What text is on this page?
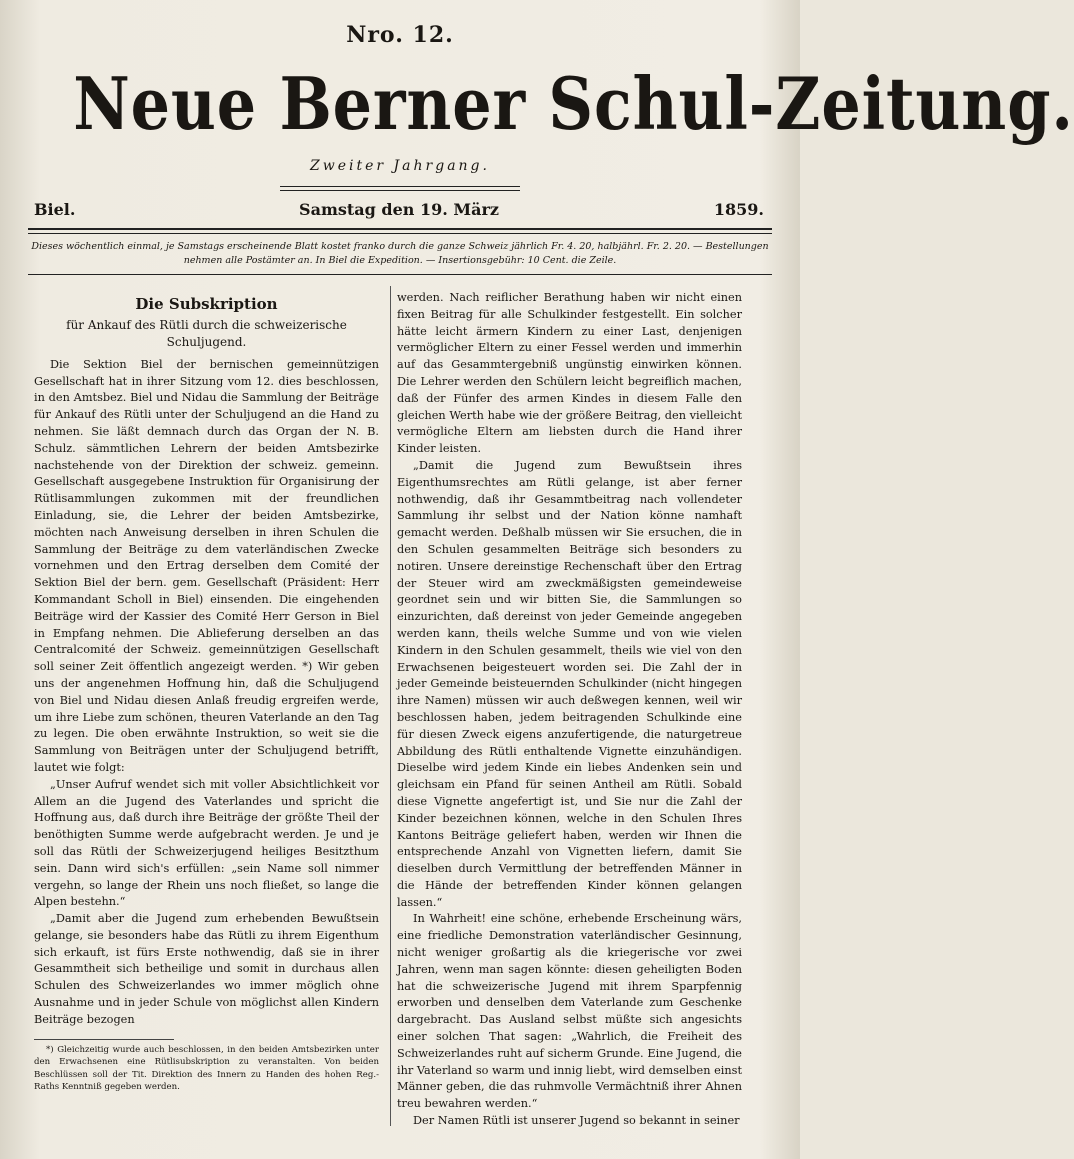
Nro. 12.
Neue Berner Schul-Zeitung.
Zweiter Jahrgang.
Biel.	Samstag den 19. März	1859.
Dieses wöchentlich einmal, je Samstags erscheinende Blatt kostet franko durch die ganze Schweiz jährlich Fr. 4. 20, halbjährl. Fr. 2. 20. — Bestellungen nehmen alle Postämter an. In Biel die Expedition. — Insertionsgebühr: 10 Cent. die Zeile.
Die Subskription
für Ankauf des Rütli durch die schweizerische Schuljugend.

Die Sektion Biel der bernischen gemeinnützigen Gesellschaft hat in ihrer Sitzung vom 12. dies beschlossen, in den Amtsbez. Biel und Nidau die Sammlung der Beiträge für Ankauf des Rütli unter der Schuljugend an die Hand zu nehmen. Sie läßt demnach durch das Organ der N. B. Schulz. sämmtlichen Lehrern der beiden Amtsbezirke nachstehende von der Direktion der schweiz. gemeinn. Gesellschaft ausgegebene Instruktion für Organisirung der Rütlisammlungen zukommen mit der freundlichen Einladung, sie, die Lehrer der beiden Amtsbezirke, möchten nach Anweisung derselben in ihren Schulen die Sammlung der Beiträge zu dem vaterländischen Zwecke vornehmen und den Ertrag derselben dem Comité der Sektion Biel der bern. gem. Gesellschaft (Präsident: Herr Kommandant Scholl in Biel) einsenden. Die eingehenden Beiträge wird der Kassier des Comité Herr Gerson in Biel in Empfang nehmen. Die Ablieferung derselben an das Centralcomité der Schweiz. gemeinnützigen Gesellschaft soll seiner Zeit öffentlich angezeigt werden. *) Wir geben uns der angenehmen Hoffnung hin, daß die Schuljugend von Biel und Nidau diesen Anlaß freudig ergreifen werde, um ihre Liebe zum schönen, theuren Vaterlande an den Tag zu legen. Die oben erwähnte Instruktion, so weit sie die Sammlung von Beiträgen unter der Schuljugend betrifft, lautet wie folgt:

„Unser Aufruf wendet sich mit voller Absichtlichkeit vor Allem an die Jugend des Vaterlandes und spricht die Hoffnung aus, daß durch ihre Beiträge der größte Theil der benöthigten Summe werde aufgebracht werden. Je und je soll das Rütli der Schweizerjugend heiliges Besitzthum sein. Dann wird sich's erfüllen: „sein Name soll nimmer vergehn, so lange der Rhein uns noch fließet, so lange die Alpen bestehn.“

„Damit aber die Jugend zum erhebenden Bewußtsein gelange, sie besonders habe das Rütli zu ihrem Eigenthum sich erkauft, ist fürs Erste nothwendig, daß sie in ihrer Gesammtheit sich betheilige und somit in durchaus allen Schulen des Schweizerlandes wo immer möglich ohne Ausnahme und in jeder Schule von möglichst allen Kindern Beiträge bezogen

*) Gleichzeitig wurde auch beschlossen, in den beiden Amtsbezirken unter den Erwachsenen eine Rütlisubskription zu veranstalten. Von beiden Beschlüssen soll der Tit. Direktion des Innern zu Handen des hohen Reg.-Raths Kenntniß gegeben werden.

werden. Nach reiflicher Berathung haben wir nicht einen fixen Beitrag für alle Schulkinder festgestellt. Ein solcher hätte leicht ärmern Kindern zu einer Last, denjenigen vermöglicher Eltern zu einer Fessel werden und immerhin auf das Gesammtergebniß ungünstig einwirken können. Die Lehrer werden den Schülern leicht begreiflich machen, daß der Fünfer des armen Kindes in diesem Falle den gleichen Werth habe wie der größere Beitrag, den vielleicht vermögliche Eltern am liebsten durch die Hand ihrer Kinder leisten.

„Damit die Jugend zum Bewußtsein ihres Eigenthumsrechtes am Rütli gelange, ist aber ferner nothwendig, daß ihr Gesammtbeitrag nach vollendeter Sammlung ihr selbst und der Nation könne namhaft gemacht werden. Deßhalb müssen wir Sie ersuchen, die in den Schulen gesammelten Beiträge sich besonders zu notiren. Unsere dereinstige Rechenschaft über den Ertrag der Steuer wird am zweckmäßigsten gemeindeweise geordnet sein und wir bitten Sie, die Sammlungen so einzurichten, daß dereinst von jeder Gemeinde angegeben werden kann, theils welche Summe und von wie vielen Kindern in den Schulen gesammelt, theils wie viel von den Erwachsenen beigesteuert worden sei. Die Zahl der in jeder Gemeinde beisteuernden Schulkinder (nicht hingegen ihre Namen) müssen wir auch deßwegen kennen, weil wir beschlossen haben, jedem beitragenden Schulkinde eine für diesen Zweck eigens anzufertigende, die naturgetreue Abbildung des Rütli enthaltende Vignette einzuhändigen. Dieselbe wird jedem Kinde ein liebes Andenken sein und gleichsam ein Pfand für seinen Antheil am Rütli. Sobald diese Vignette angefertigt ist, und Sie nur die Zahl der Kinder bezeichnen können, welche in den Schulen Ihres Kantons Beiträge geliefert haben, werden wir Ihnen die entsprechende Anzahl von Vignetten liefern, damit Sie dieselben durch Vermittlung der betreffenden Männer in die Hände der betreffenden Kinder können gelangen lassen.“

In Wahrheit! eine schöne, erhebende Erscheinung wärs, eine friedliche Demonstration vaterländischer Gesinnung, nicht weniger großartig als die kriegerische vor zwei Jahren, wenn man sagen könnte: diesen geheiligten Boden hat die schweizerische Jugend mit ihrem Sparpfennig erworben und denselben dem Vaterlande zum Geschenke dargebracht. Das Ausland selbst müßte sich angesichts einer solchen That sagen: „Wahrlich, die Freiheit des Schweizerlandes ruht auf sicherm Grunde. Eine Jugend, die ihr Vaterland so warm und innig liebt, wird demselben einst Männer geben, die das ruhmvolle Vermächtniß ihrer Ahnen treu bewahren werden.“

Der Namen Rütli ist unserer Jugend so bekannt in seiner
